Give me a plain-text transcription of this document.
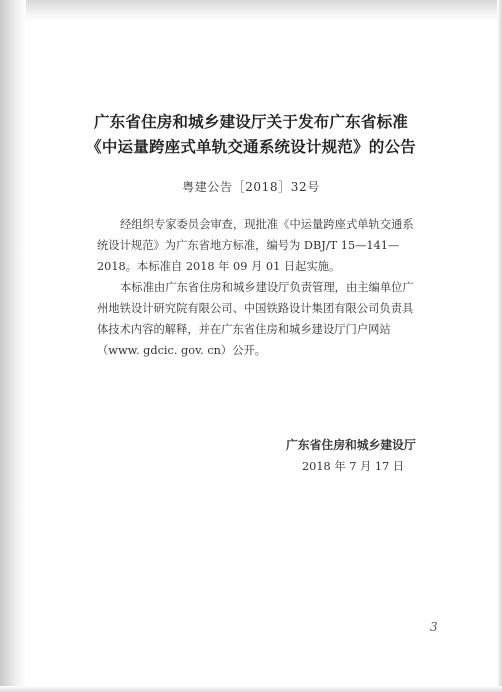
广东省住房和城乡建设厅关于发布广东省标准
《中运量跨座式单轨交通系统设计规范》的公告
粤建公告［2018］32号
经组织专家委员会审查，现批准《中运量跨座式单轨交通系
统设计规范》为广东省地方标准，编号为 DBJ/T 15—141—
2018。本标准自 2018 年 09 月 01 日起实施。
本标准由广东省住房和城乡建设厅负责管理，由主编单位广
州地铁设计研究院有限公司、中国铁路设计集团有限公司负责具
体技术内容的解释，并在广东省住房和城乡建设厅门户网站
（www. gdcic. gov. cn）公开。
广东省住房和城乡建设厅
2018 年 7 月 17 日
3
